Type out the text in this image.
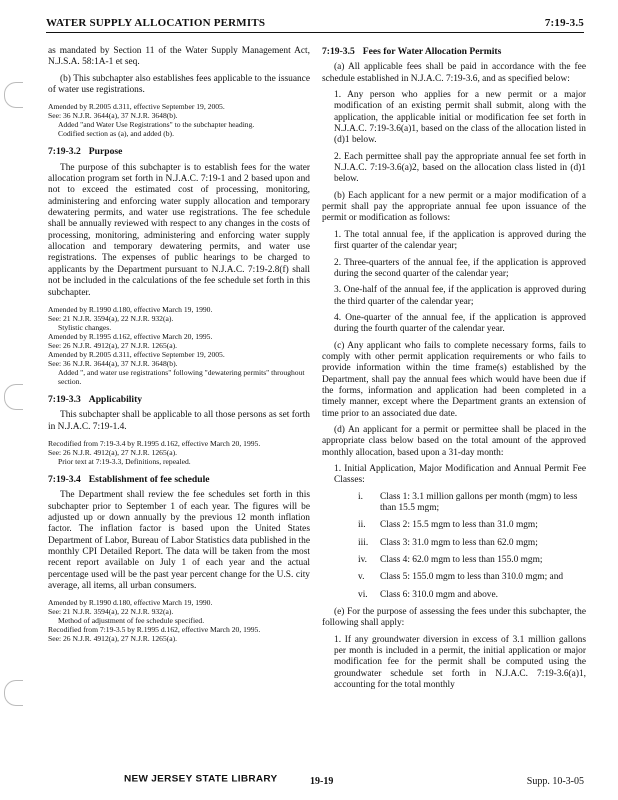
WATER SUPPLY ALLOCATION PERMITS	7:19-3.5

as mandated by Section 11 of the Water Supply Management Act, N.J.S.A. 58:1A-1 et seq.

(b) This subchapter also establishes fees applicable to the issuance of water use registrations.

Amended by R.2005 d.311, effective September 19, 2005.
See: 36 N.J.R. 3644(a), 37 N.J.R. 3648(b).
Added "and Water Use Registrations" to the subchapter heading.
Codified section as (a), and added (b).
7:19-3.2 Purpose

The purpose of this subchapter is to establish fees for the water allocation program set forth in N.J.A.C. 7:19-1 and 2 based upon and not to exceed the estimated cost of processing, monitoring, administering and enforcing water supply allocation and temporary dewatering permits, and water use registrations. The fee schedule shall be annually reviewed with respect to any changes in the costs of processing, monitoring, administering and enforcing water supply allocation and temporary dewatering permits, and water use registrations. The expenses of public hearings to be charged to applicants by the Department pursuant to N.J.A.C. 7:19-2.8(f) shall not be included in the calculations of the fee schedule set forth in this subchapter.

Amended by R.1990 d.180, effective March 19, 1990.
See: 21 N.J.R. 3594(a), 22 N.J.R. 932(a).
Stylistic changes.
Amended by R.1995 d.162, effective March 20, 1995.
See: 26 N.J.R. 4912(a), 27 N.J.R. 1265(a).
Amended by R.2005 d.311, effective September 19, 2005.
See: 36 N.J.R. 3644(a), 37 N.J.R. 3648(b).
Added ", and water use registrations" following "dewatering permits" throughout section.
7:19-3.3 Applicability

This subchapter shall be applicable to all those persons as set forth in N.J.A.C. 7:19-1.4.

Recodified from 7:19-3.4 by R.1995 d.162, effective March 20, 1995.
See: 26 N.J.R. 4912(a), 27 N.J.R. 1265(a).
Prior text at 7:19-3.3, Definitions, repealed.
7:19-3.4 Establishment of fee schedule

The Department shall review the fee schedules set forth in this subchapter prior to September 1 of each year. The figures will be adjusted up or down annually by the previous 12 month inflation factor. The inflation factor is based upon the United States Department of Labor, Bureau of Labor Statistics data published in the monthly CPI Detailed Report. The data will be taken from the most recent report available on July 1 of each year and the actual percentage used will be the past year percent change for the U.S. city average, all items, all urban consumers.

Amended by R.1990 d.180, effective March 19, 1990.
See: 21 N.J.R. 3594(a), 22 N.J.R. 932(a).
Method of adjustment of fee schedule specified.
Recodified from 7:19-3.5 by R.1995 d.162, effective March 20, 1995.
See: 26 N.J.R. 4912(a), 27 N.J.R. 1265(a).
7:19-3.5 Fees for Water Allocation Permits

(a) All applicable fees shall be paid in accordance with the fee schedule established in N.J.A.C. 7:19-3.6, and as specified below:

1. Any person who applies for a new permit or a major modification of an existing permit shall submit, along with the application, the applicable initial or modification fee set forth in N.J.A.C. 7:19-3.6(a)1, based on the class of the allocation listed in (d)1 below.

2. Each permittee shall pay the appropriate annual fee set forth in N.J.A.C. 7:19-3.6(a)2, based on the allocation class listed in (d)1 below.

(b) Each applicant for a new permit or a major modification of a permit shall pay the appropriate annual fee upon issuance of the permit or modification as follows:

1. The total annual fee, if the application is approved during the first quarter of the calendar year;

2. Three-quarters of the annual fee, if the application is approved during the second quarter of the calendar year;

3. One-half of the annual fee, if the application is approved during the third quarter of the calendar year;

4. One-quarter of the annual fee, if the application is approved during the fourth quarter of the calendar year.

(c) Any applicant who fails to complete necessary forms, fails to comply with other permit application requirements or who fails to provide information within the time frame(s) established by the Department, shall pay the annual fees which would have been due if the forms, information and application had been completed in a timely manner, except where the Department grants an extension of time prior to an associated due date.

(d) An applicant for a permit or permittee shall be placed in the appropriate class below based on the total amount of the approved monthly allocation, based upon a 31-day month:

1. Initial Application, Major Modification and Annual Permit Fee Classes:

i.	Class 1: 3.1 million gallons per month (mgm) to less than 15.5 mgm;
ii.	Class 2: 15.5 mgm to less than 31.0 mgm;
iii.	Class 3: 31.0 mgm to less than 62.0 mgm;
iv.	Class 4: 62.0 mgm to less than 155.0 mgm;
v.	Class 5: 155.0 mgm to less than 310.0 mgm; and
vi.	Class 6: 310.0 mgm and above.

(e) For the purpose of assessing the fees under this subchapter, the following shall apply:

1. If any groundwater diversion in excess of 3.1 million gallons per month is included in a permit, the initial application or major modification fee for the permit shall be computed using the groundwater schedule set forth in N.J.A.C. 7:19-3.6(a)1, accounting for the total monthly

NEW JERSEY STATE LIBRARY	19-19	Supp. 10-3-05
